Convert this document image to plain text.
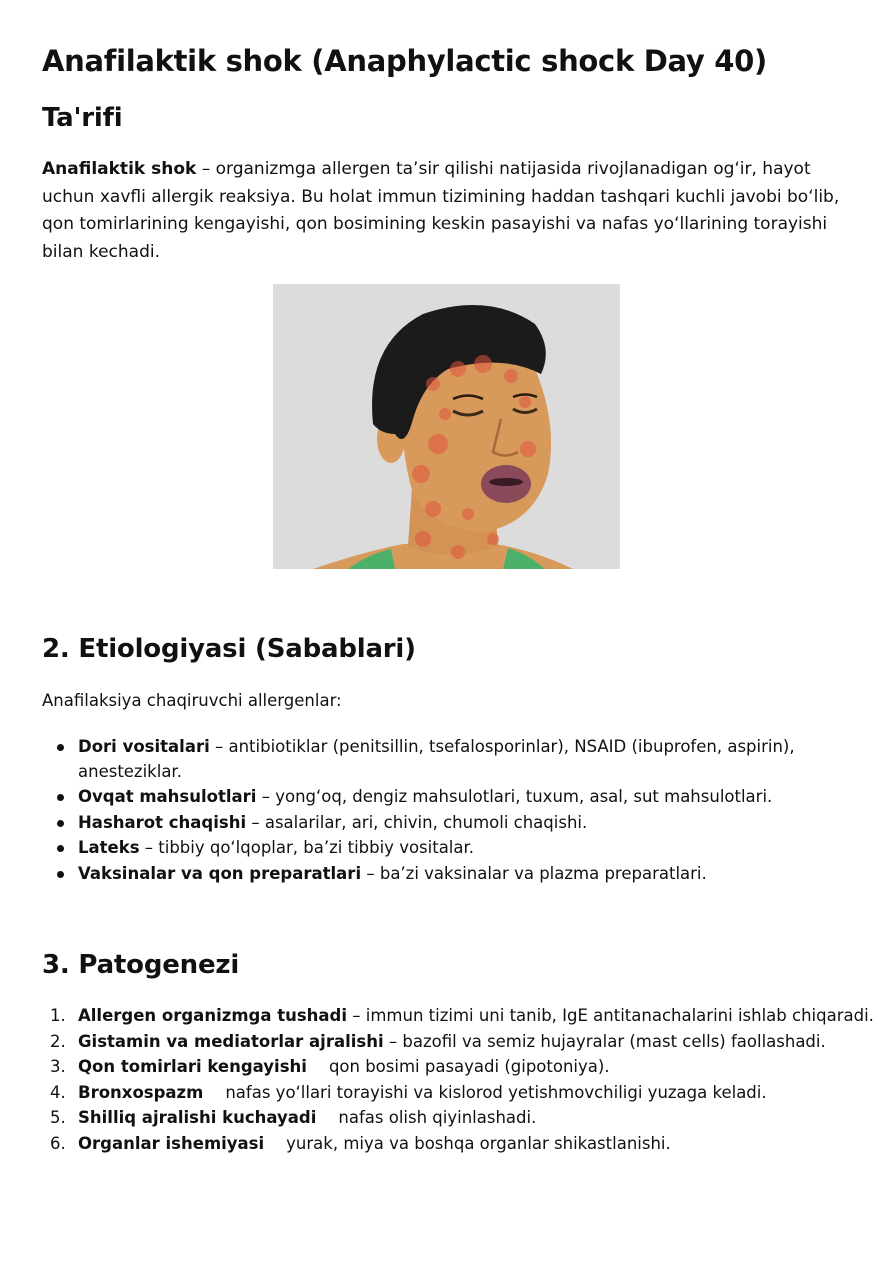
Anafilaktik shok (Anaphylactic shock Day 40)
Ta'rifi

Anafilaktik shok – organizmga allergen ta’sir qilishi natijasida rivojlanadigan og‘ir, hayot uchun xavfli allergik reaksiya. Bu holat immun tizimining haddan tashqari kuchli javobi bo‘lib, qon tomirlarining kengayishi, qon bosimining keskin pasayishi va nafas yo‘llarining torayishi bilan kechadi.

2. Etiologiyasi (Sabablari)

Anafilaksiya chaqiruvchi allergenlar:

Dori vositalari – antibiotiklar (penitsillin, tsefalosporinlar), NSAID (ibuprofen, aspirin), anesteziklar.
Ovqat mahsulotlari – yong‘oq, dengiz mahsulotlari, tuxum, asal, sut mahsulotlari.
Hasharot chaqishi – asalarilar, ari, chivin, chumoli chaqishi.
Lateks – tibbiy qo‘lqoplar, ba’zi tibbiy vositalar.
Vaksinalar va qon preparatlari – ba’zi vaksinalar va plazma preparatlari.
3. Patogenezi
1. Allergen organizmga tushadi – immun tizimi uni tanib, IgE antitanachalarini ishlab chiqaradi.
2. Gistamin va mediatorlar ajralishi – bazofil va semiz hujayralar (mast cells) faollashadi.
3. Qon tomirlari kengayishi qon bosimi pasayadi (gipotoniya).
4. Bronxospazm nafas yo‘llari torayishi va kislorod yetishmovchiligi yuzaga keladi.
5. Shilliq ajralishi kuchayadi nafas olish qiyinlashadi.
6. Organlar ishemiyasi yurak, miya va boshqa organlar shikastlanishi.
